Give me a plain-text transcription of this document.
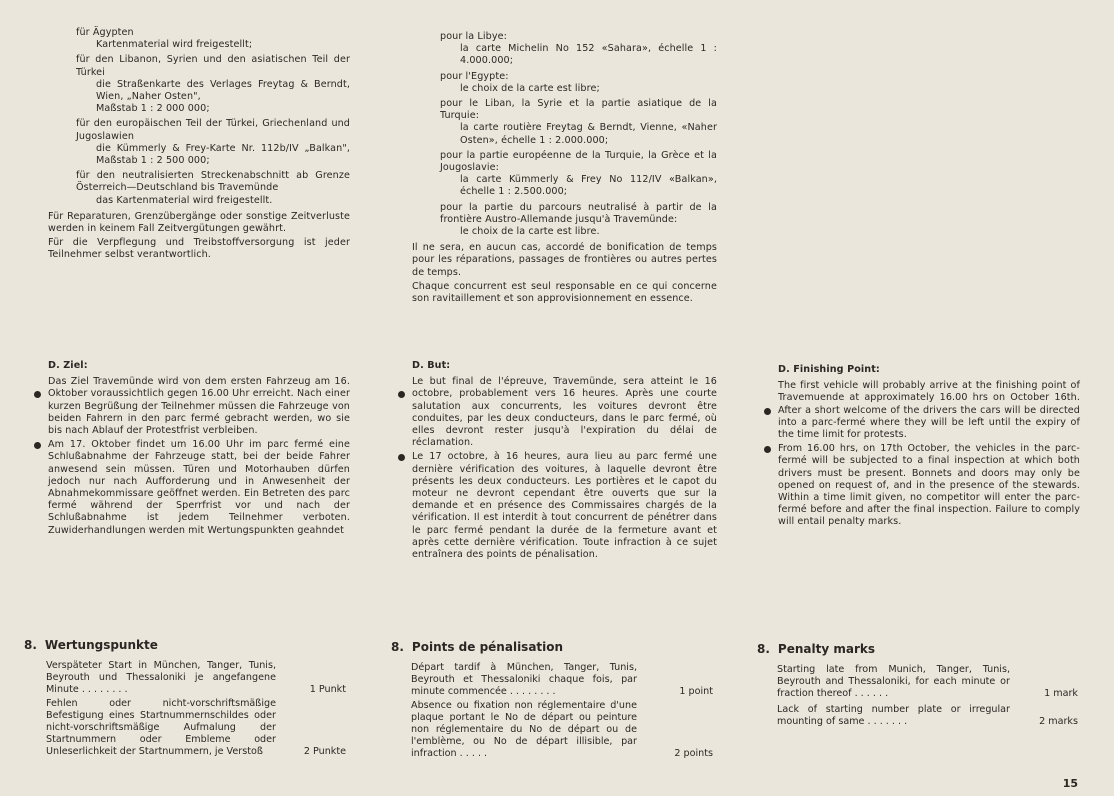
für Ägypten
Kartenmaterial wird freigestellt;
für den Libanon, Syrien und den asiatischen Teil der Türkei
die Straßenkarte des Verlages Freytag & Berndt, Wien, „Naher Osten",
Maßstab 1 : 2 000 000;
für den europäischen Teil der Türkei, Griechenland und Jugoslawien
die Kümmerly & Frey-Karte Nr. 112b/IV „Balkan", Maßstab 1 : 2 500 000;
für den neutralisierten Streckenabschnitt ab Grenze Österreich—Deutschland bis Travemünde
das Kartenmaterial wird freigestellt.

Für Reparaturen, Grenzübergänge oder sonstige Zeitverluste werden in keinem Fall Zeitvergütungen gewährt.

Für die Verpflegung und Treibstoffversorgung ist jeder Teilnehmer selbst verantwortlich.

pour la Libye:
la carte Michelin No 152 «Sahara», échelle 1 : 4.000.000;
pour l'Egypte:
le choix de la carte est libre;
pour le Liban, la Syrie et la partie asiatique de la Turquie:
la carte routière Freytag & Berndt, Vienne, «Naher Osten», échelle 1 : 2.000.000;
pour la partie européenne de la Turquie, la Grèce et la Jougoslavie:
la carte Kümmerly & Frey No 112/IV «Balkan», échelle 1 : 2.500.000;
pour la partie du parcours neutralisé à partir de la frontière Austro-Allemande jusqu'à Travemünde:
le choix de la carte est libre.

Il ne sera, en aucun cas, accordé de bonification de temps pour les réparations, passages de frontières ou autres pertes de temps.

Chaque concurrent est seul responsable en ce qui concerne son ravitaillement et son approvisionnement en essence.

D. Ziel:

Das Ziel Travemünde wird von dem ersten Fahrzeug am 16. Oktober voraussichtlich gegen 16.00 Uhr erreicht. Nach einer kurzen Begrüßung der Teilnehmer müssen die Fahrzeuge von beiden Fahrern in den parc fermé gebracht werden, wo sie bis nach Ablauf der Protestfrist verbleiben.

Am 17. Oktober findet um 16.00 Uhr im parc fermé eine Schlußabnahme der Fahrzeuge statt, bei der beide Fahrer anwesend sein müssen. Türen und Motorhauben dürfen jedoch nur nach Aufforderung und in Anwesenheit der Abnahmekommissare geöffnet werden. Ein Betreten des parc fermé während der Sperrfrist vor und nach der Schlußabnahme ist jedem Teilnehmer verboten. Zuwiderhandlungen werden mit Wertungspunkten geahndet

D. But:

Le but final de l'épreuve, Travemünde, sera atteint le 16 octobre, probablement vers 16 heures. Après une courte salutation aux concurrents, les voitures devront être conduites, par les deux conducteurs, dans le parc fermé, où elles devront rester jusqu'à l'expiration du délai de réclamation.

Le 17 octobre, à 16 heures, aura lieu au parc fermé une dernière vérification des voitures, à laquelle devront être présents les deux conducteurs. Les portières et le capot du moteur ne devront cependant être ouverts que sur la demande et en présence des Commissaires chargés de la vérification. Il est interdit à tout concurrent de pénétrer dans le parc fermé pendant la durée de la fermeture avant et après cette dernière vérification. Toute infraction à ce sujet entraînera des points de pénalisation.

D. Finishing Point:

The first vehicle will probably arrive at the finishing point of Travemuende at approximately 16.00 hrs on October 16th. After a short welcome of the drivers the cars will be directed into a parc-fermé where they will be left until the expiry of the time limit for protests.

From 16.00 hrs, on 17th October, the vehicles in the parc-fermé will be subjected to a final inspection at which both drivers must be present. Bonnets and doors may only be opened on request of, and in the presence of the stewards. Within a time limit given, no competitor will enter the parc-fermé before and after the final inspection. Failure to comply will entail penalty marks.

8. Wertungspunkte	8. Points de pénalisation	8. Penalty marks
Verspäteter Start in München, Tanger, Tunis, Beyrouth und Thessaloniki je angefangene Minute . . . . . . . .	1 Punkt
Fehlen oder nicht-vorschriftsmäßige Befestigung eines Startnummernschildes oder nicht-vorschriftsmäßige Aufmalung der Startnummern oder Embleme oder Unleserlichkeit der Startnummern, je Verstoß	2 Punkte
Départ tardif à München, Tanger, Tunis, Beyrouth et Thessaloniki chaque fois, par minute commencée . . . . . . . .	1 point
Absence ou fixation non réglementaire d'une plaque portant le No de départ ou peinture non réglementaire du No de départ ou de l'emblème, ou No de départ illisible, par infraction . . . . .	2 points
Starting late from Munich, Tanger, Tunis, Beyrouth and Thessaloniki, for each minute or fraction thereof . . . . . .	1 mark
Lack of starting number plate or irregular mounting of same . . . . . . .	2 marks
15
